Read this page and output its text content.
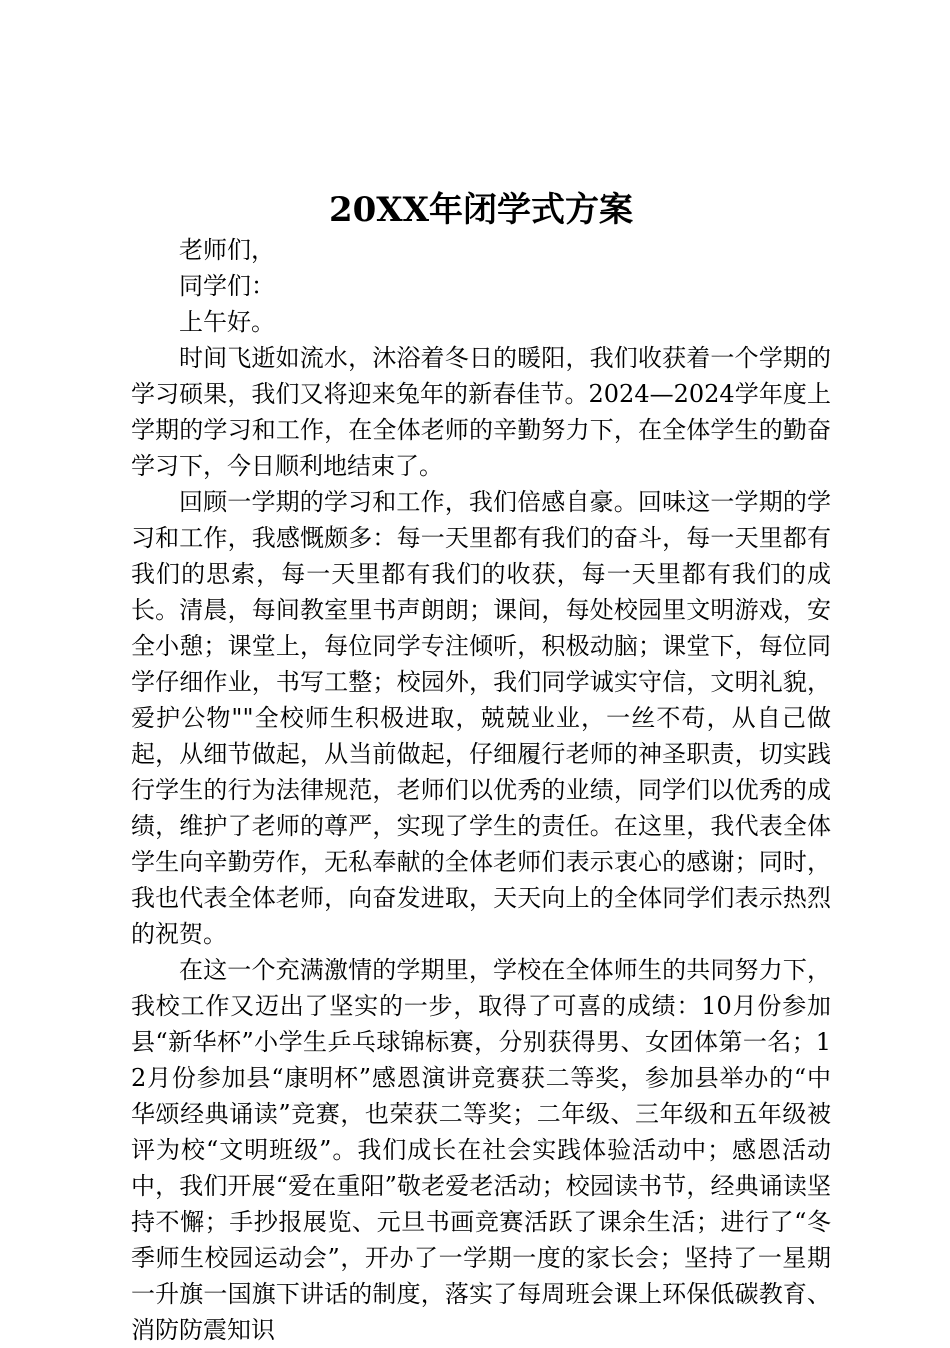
20XX年闭学式方案

老师们，

同学们：

上午好。

时间飞逝如流水，沐浴着冬日的暖阳，我们收获着一个学期的学习硕果，我们又将迎来兔年的新春佳节。2024—2024学年度上学期的学习和工作，在全体老师的辛勤努力下，在全体学生的勤奋学习下，今日顺利地结束了。

回顾一学期的学习和工作，我们倍感自豪。回味这一学期的学习和工作，我感慨颇多：每一天里都有我们的奋斗，每一天里都有我们的思索，每一天里都有我们的收获，每一天里都有我们的成长。清晨，每间教室里书声朗朗；课间，每处校园里文明游戏，安全小憩；课堂上，每位同学专注倾听，积极动脑；课堂下，每位同学仔细作业，书写工整；校园外，我们同学诚实守信，文明礼貌，爱护公物""全校师生积极进取，兢兢业业，一丝不苟，从自己做起，从细节做起，从当前做起，仔细履行老师的神圣职责，切实践行学生的行为法律规范，老师们以优秀的业绩，同学们以优秀的成绩，维护了老师的尊严，实现了学生的责任。在这里，我代表全体学生向辛勤劳作，无私奉献的全体老师们表示衷心的感谢；同时，我也代表全体老师，向奋发进取，天天向上的全体同学们表示热烈的祝贺。

在这一个充满激情的学期里，学校在全体师生的共同努力下，我校工作又迈出了坚实的一步，取得了可喜的成绩：10月份参加县“新华杯”小学生乒乓球锦标赛，分别获得男、女团体第一名；12月份参加县“康明杯”感恩演讲竞赛获二等奖，参加县举办的“中华颂经典诵读”竞赛，也荣获二等奖；二年级、三年级和五年级被评为校“文明班级”。我们成长在社会实践体验活动中；感恩活动中，我们开展“爱在重阳”敬老爱老活动；校园读书节，经典诵读坚持不懈；手抄报展览、元旦书画竞赛活跃了课余生活；进行了“冬季师生校园运动会”，开办了一学期一度的家长会；坚持了一星期一升旗一国旗下讲话的制度，落实了每周班会课上环保低碳教育、消防防震知识
